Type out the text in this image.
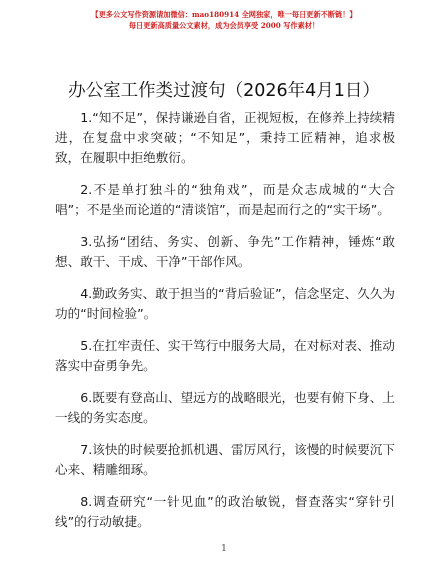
【更多公文写作资源请加微信：mao180914 全网独家，唯一每日更新不断链！】
每日更新高质量公文素材，成为会员享受 2000 写作素材！
办公室工作类过渡句（2026年4月1日）

1.“知不足”，保持谦逊自省，正视短板，在修养上持续精进，在复盘中求突破；“不知足”，秉持工匠精神，追求极致，在履职中拒绝敷衍。

2.不是单打独斗的“独角戏”，而是众志成城的“大合唱”；不是坐而论道的“清谈馆”，而是起而行之的“实干场”。

3.弘扬“团结、务实、创新、争先”工作精神，锤炼“敢想、敢干、干成、干净”干部作风。

4.勤政务实、敢于担当的“背后验证”，信念坚定、久久为功的“时间检验”。

5.在扛牢责任、实干笃行中服务大局，在对标对表、推动落实中奋勇争先。

6.既要有登高山、望远方的战略眼光，也要有俯下身、上一线的务实态度。

7.该快的时候要抢抓机遇、雷厉风行，该慢的时候要沉下心来、精雕细琢。

8.调查研究“一针见血”的政治敏锐，督查落实“穿针引线”的行动敏捷。

1
